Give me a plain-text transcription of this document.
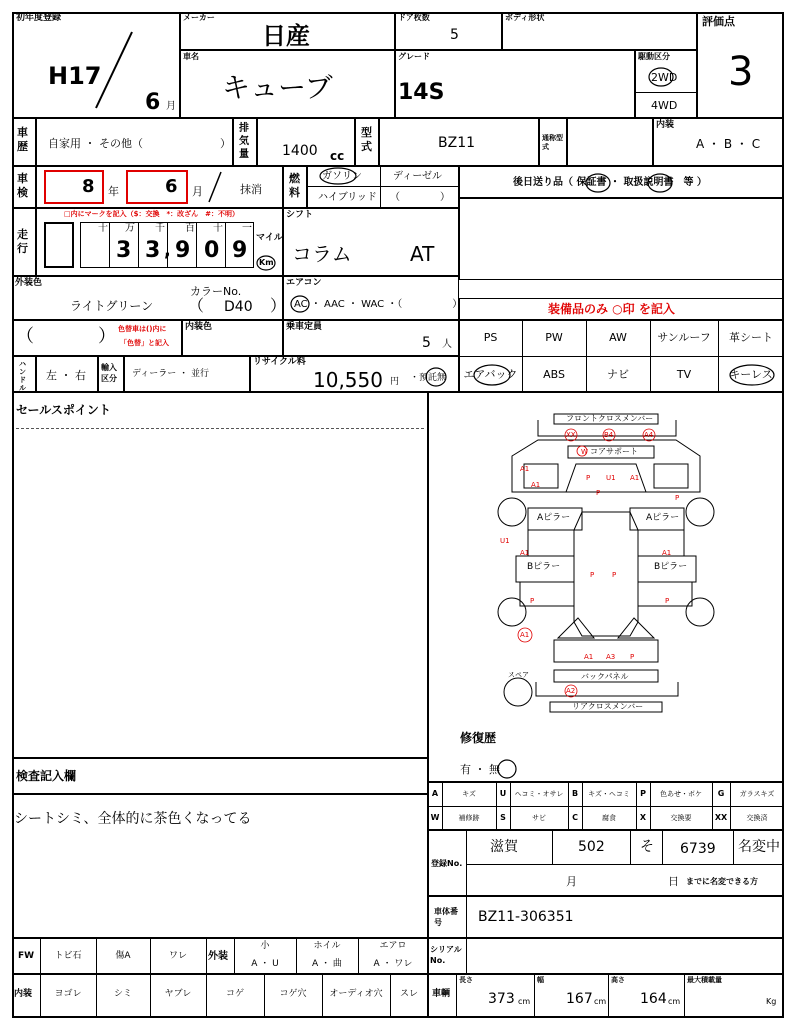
初年度登録
H17
6 月
メーカー
日産
ドア枚数
5
ボディ形状	評価点
3
車名
キューブ
グレード
14S
駆動区分
2WD
4WD
車歴 自家用 ・ その他（	）
排気量 1400 cc
型式	BZ11	通称型式
内装
A ・ B ・ C
車検	8 年	6 月	抹消
燃料
ガソリン	ディーゼル
ハイブリッド （　　　　）
後日送り品（ 保証書 ・ 取扱説明書　等 ）
走行
□内にマークを記入（$：交換　*：改ざん　#：不明）
十 万 千 百 十 一
3 3 , 9 0 9 マイル
Km
シフト
コラム	AT
外装色
ライトグリーン
カラーNo.
（ D40 ）
エアコン
AC ・ AAC ・ WAC ・（　　　　　）	装備品のみ ○印 を記入
（	） 色替車は()内に
「色替」と記入
内装色	乗車定員
5 人
PS	PW	AW	サンルーフ	革シート
エアバック	ABS	ナビ	TV	キーレス
ハンドル
左 ・ 右
輸入区分	ディーラー ・ 並行
リサイクル料
10,550 円 ・預託無
セールスポイント
フロントクロスメンバー
コアサポート
Aピラー	Aピラー
Bピラー	Bピラー
スペア	バックパネル
リアクロスメンバー
XX	B4	A4
W
A1
A1
P U1 A1
P
P
U1
A1	A1
P	P
P	P
A1
A1 A3 P
A2
修復歴
有 ・ 無
検査記入欄
シートシミ、全体的に茶色くなってる
A	キズ	U	ヘコミ・オサレ	B	キズ・ヘコミ	P	色あせ・ボケ	G	ガラスキズ
W	補修跡	S	サビ	C	腐食	X	交換要	XX	交換済
登録No.
滋賀	502	そ 6739 名変中
月	日 までに名変できる方
車体番号	BZ11-306351
シリアルNo.
FW	トビ石	傷A	ワレ	外装
小
A ・ U
ホイル
A ・ 曲
エアロ
A ・ ワレ
内装	ヨゴレ	シミ	ヤブレ	コゲ	コゲ穴	オーディオ穴	スレ	車輌
長さ
373 cm
幅
167 cm
高さ
164 cm
最大積載量
Kg
